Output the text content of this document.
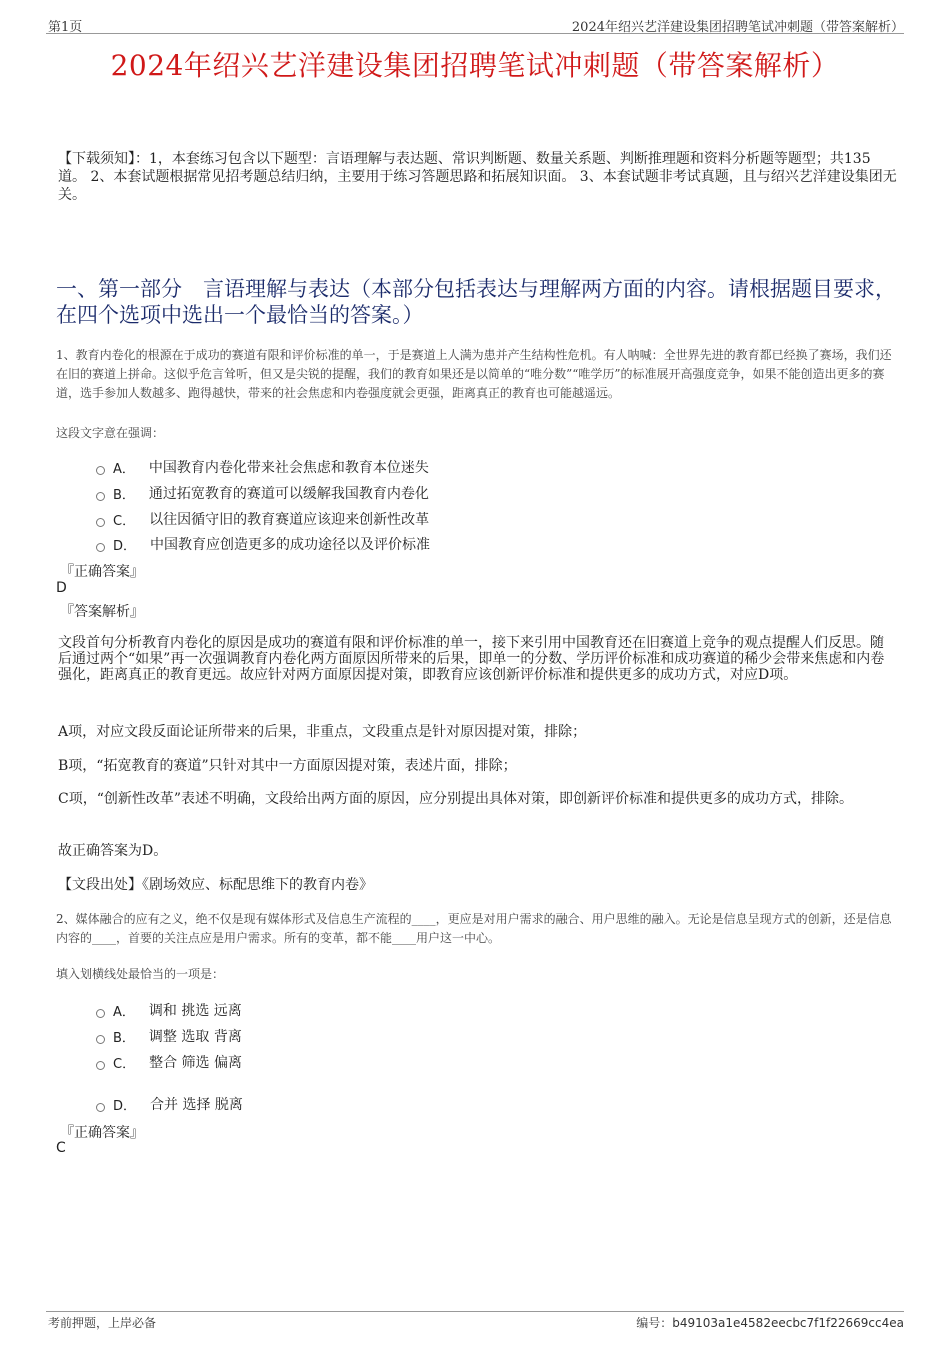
第1页	2024年绍兴艺洋建设集团招聘笔试冲刺题（带答案解析）
2024年绍兴艺洋建设集团招聘笔试冲刺题（带答案解析）
【下载须知】：1，本套练习包含以下题型：言语理解与表达题、常识判断题、数量关系题、判断推理题和资料分析题等题型；共135道。 2、本套试题根据常见招考题总结归纳，主要用于练习答题思路和拓展知识面。 3、本套试题非考试真题，且与绍兴艺洋建设集团无关。
一、第一部分　言语理解与表达（本部分包括表达与理解两方面的内容。请根据题目要求，在四个选项中选出一个最恰当的答案。）
1、教育内卷化的根源在于成功的赛道有限和评价标准的单一，于是赛道上人满为患并产生结构性危机。有人呐喊：全世界先进的教育都已经换了赛场，我们还在旧的赛道上拼命。这似乎危言耸听，但又是尖锐的提醒，我们的教育如果还是以简单的“唯分数”“唯学历”的标准展开高强度竞争，如果不能创造出更多的赛道，选手参加人数越多、跑得越快，带来的社会焦虑和内卷强度就会更强，距离真正的教育也可能越遥远。
这段文字意在强调：
A． 中国教育内卷化带来社会焦虑和教育本位迷失
B． 通过拓宽教育的赛道可以缓解我国教育内卷化
C． 以往因循守旧的教育赛道应该迎来创新性改革
D． 中国教育应创造更多的成功途径以及评价标准
『正确答案』
D
『答案解析』
文段首句分析教育内卷化的原因是成功的赛道有限和评价标准的单一，接下来引用中国教育还在旧赛道上竞争的观点提醒人们反思。随后通过两个“如果”再一次强调教育内卷化两方面原因所带来的后果，即单一的分数、学历评价标准和成功赛道的稀少会带来焦虑和内卷强化，距离真正的教育更远。故应针对两方面原因提对策，即教育应该创新评价标准和提供更多的成功方式，对应D项。
A项，对应文段反面论证所带来的后果，非重点，文段重点是针对原因提对策，排除；
B项，“拓宽教育的赛道”只针对其中一方面原因提对策，表述片面，排除；
C项，“创新性改革”表述不明确，文段给出两方面的原因，应分别提出具体对策，即创新评价标准和提供更多的成功方式，排除。
故正确答案为D。
【文段出处】《剧场效应、标配思维下的教育内卷》
2、媒体融合的应有之义，绝不仅是现有媒体形式及信息生产流程的____，更应是对用户需求的融合、用户思维的融入。无论是信息呈现方式的创新，还是信息内容的____，首要的关注点应是用户需求。所有的变革，都不能____用户这一中心。
填入划横线处最恰当的一项是：
A． 调和 挑选 远离
B． 调整 选取 背离
C． 整合 筛选 偏离
D． 合并 选择 脱离
『正确答案』
C
考前押题，上岸必备	编号：b49103a1e4582eecbc7f1f22669cc4ea
